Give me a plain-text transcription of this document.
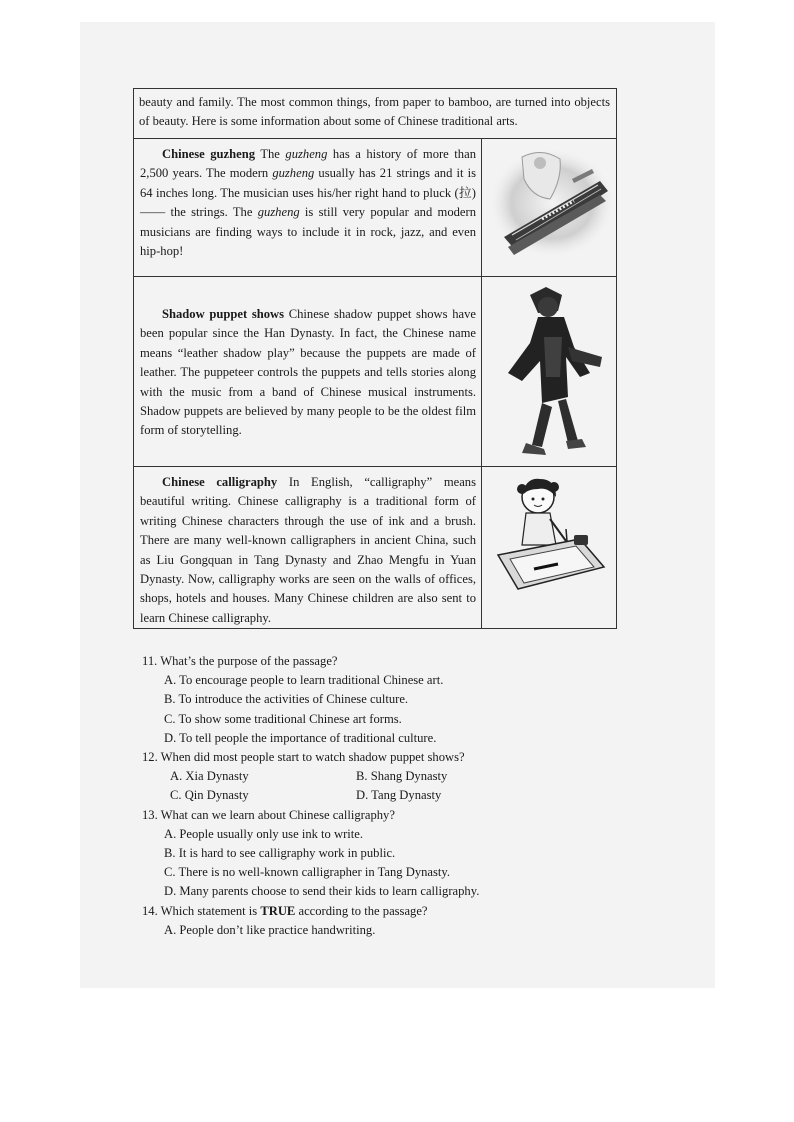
beauty and family. The most common things, from paper to bamboo, are turned into objects of beauty. Here is some information about some of Chinese traditional arts.	

Chinese guzheng The guzheng has a history of more than 2,500 years. The modern guzheng usually has 21 strings and it is 64 inches long. The musician uses his/her right hand to pluck (拉)—— the strings. The guzheng is still very popular and modern musicians are finding ways to include it in rock, jazz, and even hip-hop!	

Shadow puppet shows Chinese shadow puppet shows have been popular since the Han Dynasty. In fact, the Chinese name means “leather shadow play” because the puppets are made of leather. The puppeteer controls the puppets and tells stories along with the music from a band of Chinese musical instruments. Shadow puppets are believed by many people to be the oldest film form of storytelling.	

Chinese calligraphy In English, “calligraphy” means beautiful writing. Chinese calligraphy is a traditional form of writing Chinese characters through the use of ink and a brush. There are many well-known calligraphers in ancient China, such as Liu Gongquan in Tang Dynasty and Zhao Mengfu in Yuan Dynasty. Now, calligraphy works are seen on the walls of offices, shops, hotels and houses. Many Chinese children are also sent to learn Chinese calligraphy.	
11. What’s the purpose of the passage?
A. To encourage people to learn traditional Chinese art.
B. To introduce the activities of Chinese culture.
C. To show some traditional Chinese art forms.
D. To tell people the importance of traditional culture.
12. When did most people start to watch shadow puppet shows?
A. Xia Dynasty	B. Shang Dynasty
C. Qin Dynasty	D. Tang Dynasty
13. What can we learn about Chinese calligraphy?
A. People usually only use ink to write.
B. It is hard to see calligraphy work in public.
C. There is no well-known calligrapher in Tang Dynasty.
D. Many parents choose to send their kids to learn calligraphy.
14. Which statement is TRUE according to the passage?
A. People don’t like practice handwriting.
